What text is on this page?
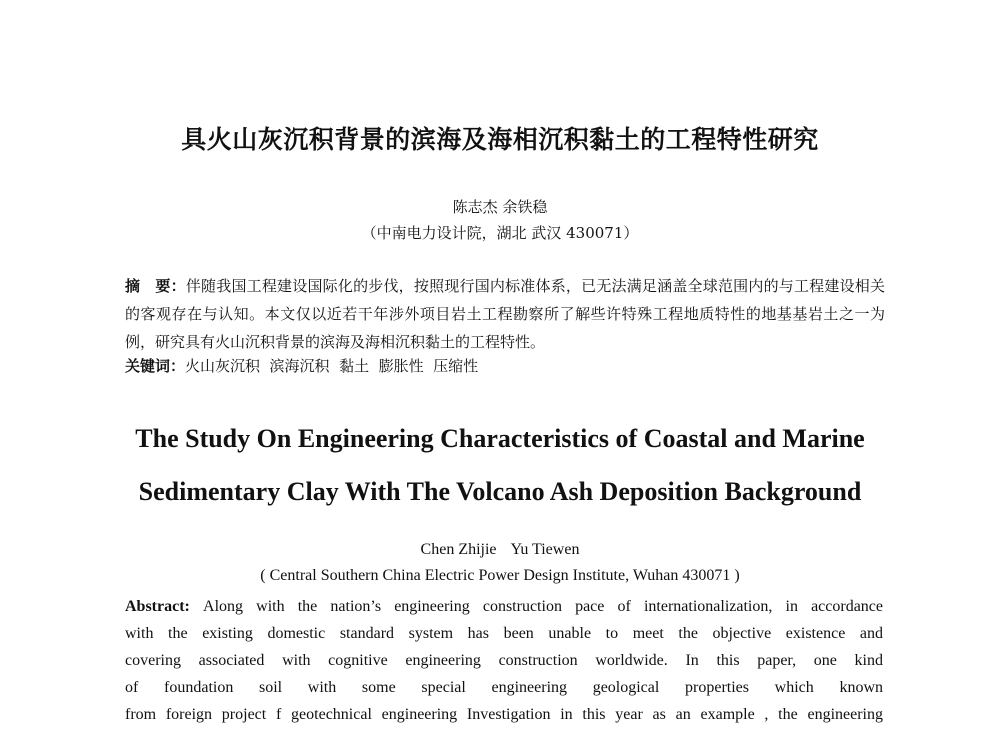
具火山灰沉积背景的滨海及海相沉积黏土的工程特性研究
陈志杰 余铁稳
（中南电力设计院，湖北 武汉 430071）
摘　要：伴随我国工程建设国际化的步伐，按照现行国内标准体系，已无法满足涵盖全球范围内的与工程建设相关的客观存在与认知。本文仅以近若干年涉外项目岩土工程勘察所了解些许特殊工程地质特性的地基基岩土之一为例，研究具有火山沉积背景的滨海及海相沉积黏土的工程特性。
关键词：火山灰沉积  滨海沉积  黏土  膨胀性  压缩性
The Study On Engineering Characteristics of Coastal and Marine
Sedimentary Clay With The Volcano Ash Deposition Background
Chen Zhijie Yu Tiewen
( Central Southern China Electric Power Design Institute, Wuhan 430071 )
Abstract: Along with the nation’s engineering construction pace of internationalization, in accordance
with the existing domestic standard system has been unable to meet the objective existence and
covering associated with cognitive engineering construction worldwide. In this paper, one kind
of foundation soil with some special engineering geological properties which known
from foreign project f geotechnical engineering Investigation in this year as an example , the engineering
